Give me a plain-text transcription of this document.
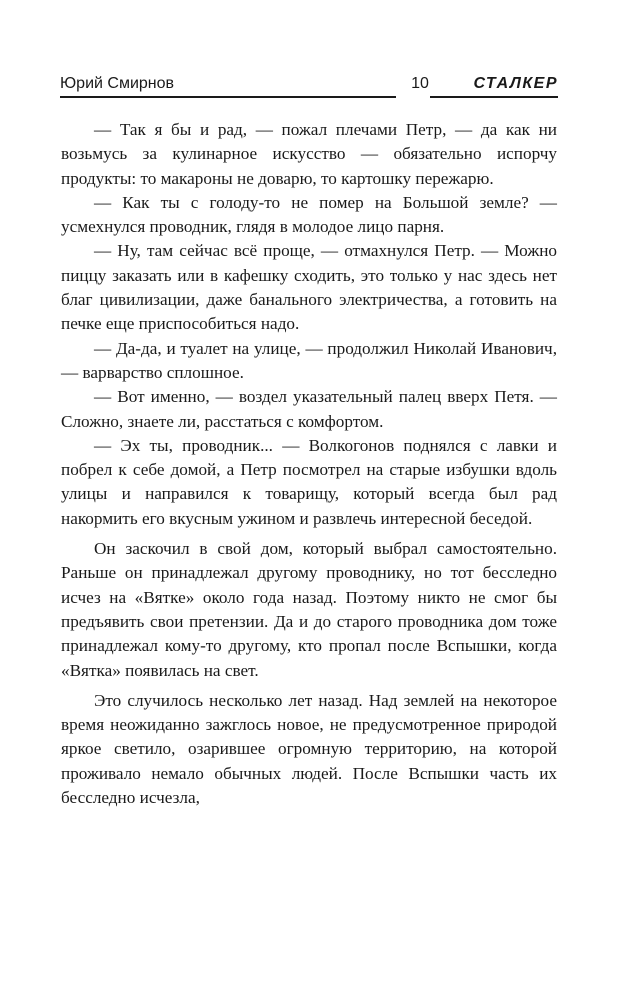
Юрий Смирнов	10	СТАЛКЕР

— Так я бы и рад, — пожал плечами Петр, — да как ни возьмусь за кулинарное искусство — обязательно испорчу продукты: то макароны не доварю, то картошку пережарю.

— Как ты с голоду-то не помер на Большой земле? — усмехнулся проводник, глядя в молодое лицо парня.

— Ну, там сейчас всё проще, — отмахнулся Петр. — Можно пиццу заказать или в кафешку сходить, это только у нас здесь нет благ цивилизации, даже банального электричества, а готовить на печке еще приспособиться надо.

— Да-да, и туалет на улице, — продолжил Николай Иванович, — варварство сплошное.

— Вот именно, — воздел указательный палец вверх Петя. — Сложно, знаете ли, расстаться с комфортом.

— Эх ты, проводник... — Волкогонов поднялся с лавки и побрел к себе домой, а Петр посмотрел на старые избушки вдоль улицы и направился к товарищу, который всегда был рад накормить его вкусным ужином и развлечь интересной беседой.

Он заскочил в свой дом, который выбрал самостоятельно. Раньше он принадлежал другому проводнику, но тот бесследно исчез на «Вятке» около года назад. Поэтому никто не смог бы предъявить свои претензии. Да и до старого проводника дом тоже принадлежал кому-то другому, кто пропал после Вспышки, когда «Вятка» появилась на свет.

Это случилось несколько лет назад. Над землей на некоторое время неожиданно зажглось новое, не предусмотренное природой яркое светило, озарившее огромную территорию, на которой проживало немало обычных людей. После Вспышки часть их бесследно исчезла,
